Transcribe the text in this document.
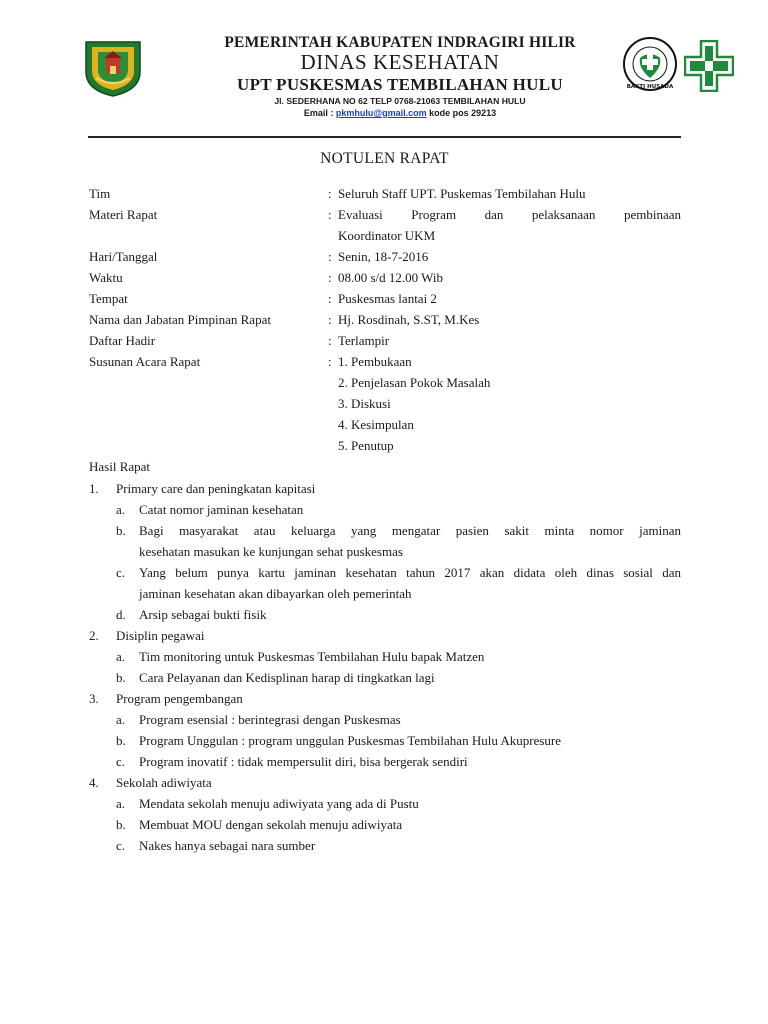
BAKTI HUSADA
PEMERINTAH KABUPATEN INDRAGIRI HILIR
DINAS KESEHATAN
UPT PUSKESMAS TEMBILAHAN HULU
Jl. SEDERHANA NO 62 TELP 0768-21063 TEMBILAHAN HULU
Email : pkmhulu@gmail.com kode pos 29213
NOTULEN RAPAT
Tim	: Seluruh Staff UPT. Puskemas Tembilahan Hulu
Materi Rapat	: Evaluasi Program dan pelaksanaan pembinaan
Koordinator UKM
Hari/Tanggal	: Senin, 18-7-2016
Waktu	: 08.00 s/d 12.00 Wib
Tempat	: Puskesmas lantai 2
Nama dan Jabatan Pimpinan Rapat	: Hj. Rosdinah, S.ST, M.Kes
Daftar Hadir	: Terlampir
Susunan Acara Rapat	: 1. Pembukaan
2. Penjelasan Pokok Masalah
3. Diskusi
4. Kesimpulan
5. Penutup
Hasil Rapat
1. Primary care dan peningkatan kapitasi
a. Catat nomor jaminan kesehatan
b. Bagi masyarakat atau keluarga yang mengatar pasien sakit minta nomor jaminan
kesehatan masukan ke kunjungan sehat puskesmas
c. Yang belum punya kartu jaminan kesehatan tahun 2017 akan didata oleh dinas sosial dan
jaminan kesehatan akan dibayarkan oleh pemerintah
d. Arsip sebagai bukti fisik
2. Disiplin pegawai
a. Tim monitoring untuk Puskesmas Tembilahan Hulu bapak Matzen
b. Cara Pelayanan dan Kedisplinan harap di tingkatkan lagi
3. Program pengembangan
a. Program esensial : berintegrasi dengan Puskesmas
b. Program Unggulan : program unggulan Puskesmas Tembilahan Hulu Akupresure
c. Program inovatif : tidak mempersulit diri, bisa bergerak sendiri
4. Sekolah adiwiyata
a. Mendata sekolah menuju adiwiyata yang ada di Pustu
b. Membuat MOU dengan sekolah menuju adiwiyata
c. Nakes hanya sebagai nara sumber
